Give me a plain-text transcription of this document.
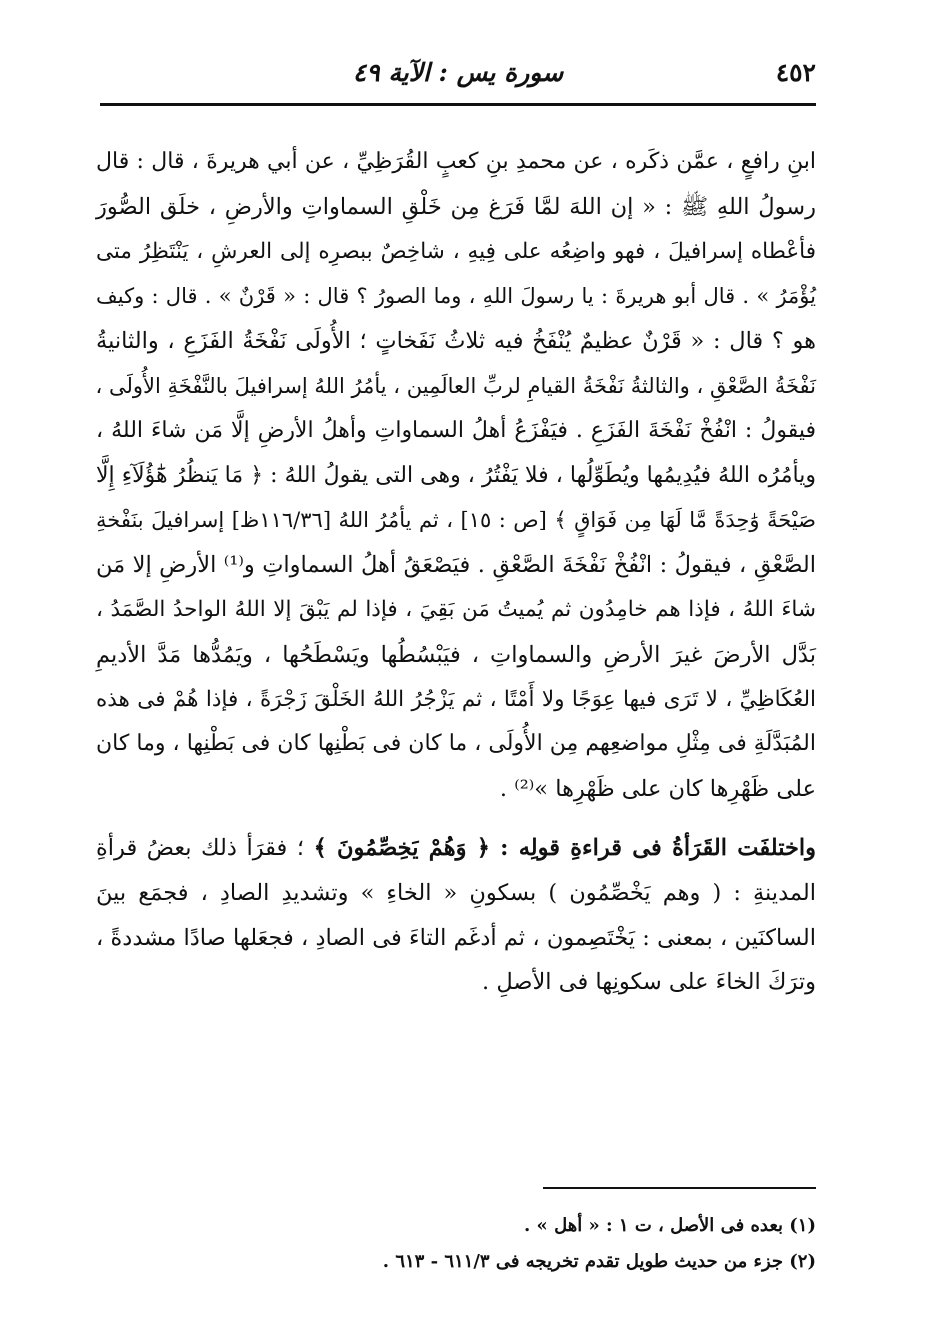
٤٥٢
سورة يس : الآية ٤٩
ابنِ رافعٍ ، عمَّن ذكَره ، عن محمدِ بنِ كعبٍ القُرَظِيِّ ، عن أبي هريرةَ ، قال : قال
رسولُ اللهِ ﷺ : « إن اللهَ لمَّا فَرَغ مِن خَلْقِ السماواتِ والأرضِ ، خلَق الصُّورَ
فأعْطاه إسرافيلَ ، فهو واضِعُه على فِيهِ ، شاخِصٌ ببصرِه إلى العرشِ ، يَنْتَظِرُ متى
يُؤْمَرُ » . قال أبو هريرةَ : يا رسولَ اللهِ ، وما الصورُ ؟ قال : « قَرْنٌ » . قال : وكيف
هو ؟ قال : « قَرْنٌ عظيمٌ يُنْفَخُ فيه ثلاثُ نَفَخاتٍ ؛ الأُولَى نَفْخَةُ الفَزَعِ ، والثانيةُ
نَفْخَةُ الصَّعْقِ ، والثالثةُ نَفْخَةُ القيامِ لربِّ العالَمِين ، يأمُرُ اللهُ إسرافيلَ بالنَّفْخَةِ الأُولَى ،
فيقولُ : انْفُخْ نَفْخَةَ الفَزَعِ . فيَفْزَعُ أهلُ السماواتِ وأهلُ الأرضِ إلَّا مَن شاءَ اللهُ ،
ويأمُرُه اللهُ فيُدِيمُها ويُطَوِّلُها ، فلا يَفْتُرُ ، وهى التى يقولُ اللهُ : ﴿ مَا يَنظُرُ هَٰٓؤُلَآءِ إِلَّا
صَيْحَةً وَٰحِدَةً مَّا لَهَا مِن فَوَاقٍ ﴾ [ص : ١٥] ، ثم يأمُرُ اللهُ [١١٦/٣٦ظ] إسرافيلَ بنَفْخةِ
الصَّعْقِ ، فيقولُ : انْفُخْ نَفْخَةَ الصَّعْقِ . فيَصْعَقُ أهلُ السماواتِ و⁽¹⁾ الأرضِ إلا مَن
شاءَ اللهُ ، فإذا هم خامِدُون ثم يُميتُ مَن بَقِيَ ، فإذا لم يَبْقَ إلا اللهُ الواحدُ الصَّمَدُ ،
بَدَّل الأرضَ غيرَ الأرضِ والسماواتِ ، فيَبْسُطُها ويَسْطَحُها ، ويَمُدُّها مَدَّ الأديمِ
العُكَاظِيِّ ، لا تَرَى فيها عِوَجًا ولا أَمْتًا ، ثم يَزْجُرُ اللهُ الخَلْقَ زَجْرَةً ، فإذا هُمْ فى هذه
المُبَدَّلَةِ فى مِثْلِ مواضعِهم مِن الأُولَى ، ما كان فى بَطْنِها كان فى بَطْنِها ، وما كان
على ظَهْرِها كان على ظَهْرِها »⁽²⁾ .
واختلفَت القَرَأةُ فى قراءةِ قولِه : ﴿ وَهُمْ يَخِصِّمُونَ ﴾ ؛ فقرَأ ذلك بعضُ قرأةِ
المدينةِ : ( وهم يَخْصِّمُون ) بسكونِ « الخاءِ » وتشديدِ الصادِ ، فجمَع بينَ
الساكنَين ، بمعنى : يَخْتَصِمون ، ثم أدغَم التاءَ فى الصادِ ، فجعَلها صادًا مشددةً ،
وترَكَ الخاءَ على سكونِها فى الأصلِ .
(١) بعده فى الأصل ، ت ١ : « أهل » .
(٢) جزء من حديث طويل تقدم تخريجه فى ٦١١/٣ - ٦١٣ .
